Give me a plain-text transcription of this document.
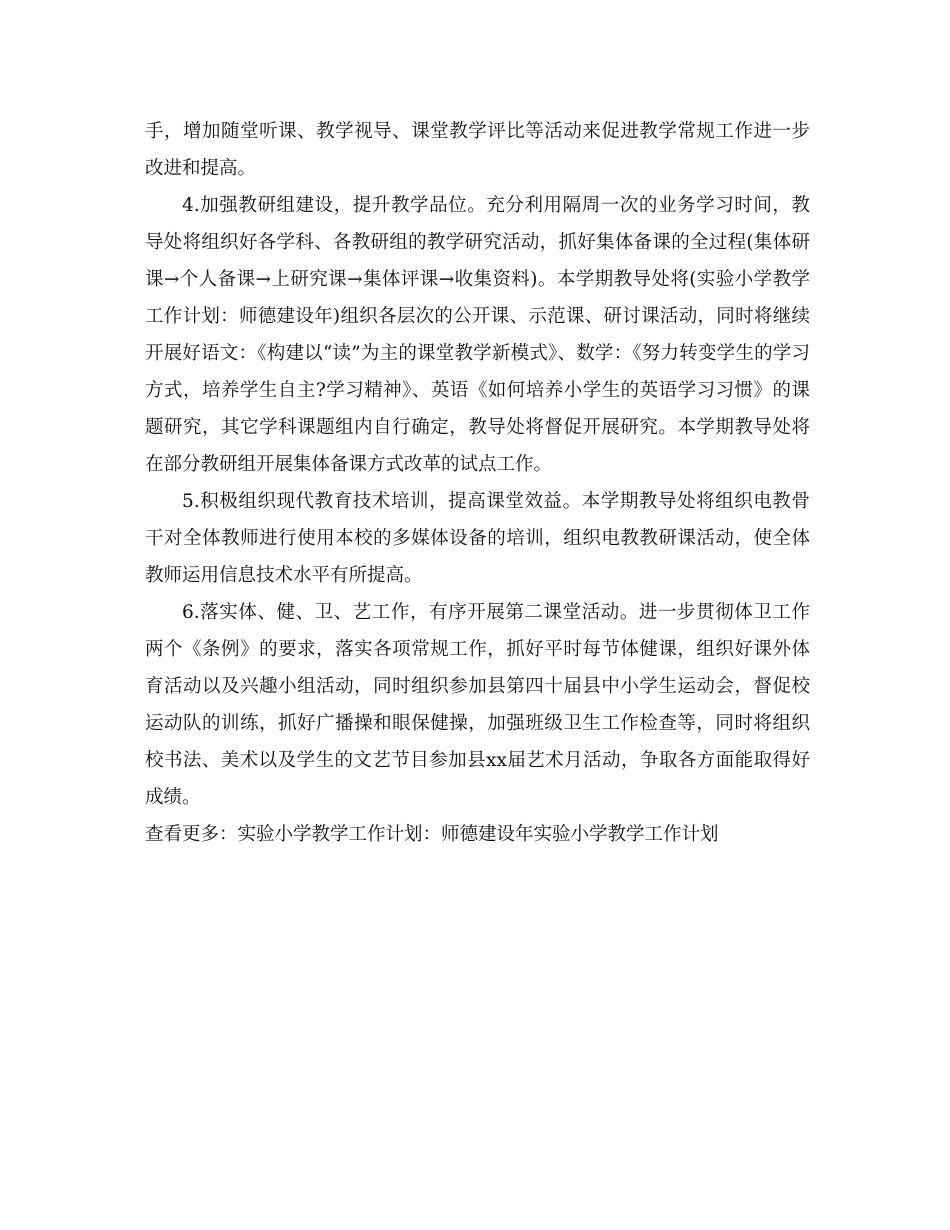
手，增加随堂听课、教学视导、课堂教学评比等活动来促进教学常规工作进一步改进和提高。

4.加强教研组建设，提升教学品位。充分利用隔周一次的业务学习时间，教导处将组织好各学科、各教研组的教学研究活动，抓好集体备课的全过程(集体研课→个人备课→上研究课→集体评课→收集资料)。本学期教导处将(实验小学教学工作计划：师德建设年)组织各层次的公开课、示范课、研讨课活动，同时将继续开展好语文：《构建以“读”为主的课堂教学新模式》、数学：《努力转变学生的学习方式，培养学生自主?学习精神》、英语《如何培养小学生的英语学习习惯》的课题研究，其它学科课题组内自行确定，教导处将督促开展研究。本学期教导处将在部分教研组开展集体备课方式改革的试点工作。

5.积极组织现代教育技术培训，提高课堂效益。本学期教导处将组织电教骨干对全体教师进行使用本校的多媒体设备的培训，组织电教教研课活动，使全体教师运用信息技术水平有所提高。

6.落实体、健、卫、艺工作，有序开展第二课堂活动。进一步贯彻体卫工作两个《条例》的要求，落实各项常规工作，抓好平时每节体健课，组织好课外体育活动以及兴趣小组活动，同时组织参加县第四十届县中小学生运动会，督促校运动队的训练，抓好广播操和眼保健操，加强班级卫生工作检查等，同时将组织校书法、美术以及学生的文艺节目参加县xx届艺术月活动，争取各方面能取得好成绩。

查看更多：实验小学教学工作计划：师德建设年实验小学教学工作计划
